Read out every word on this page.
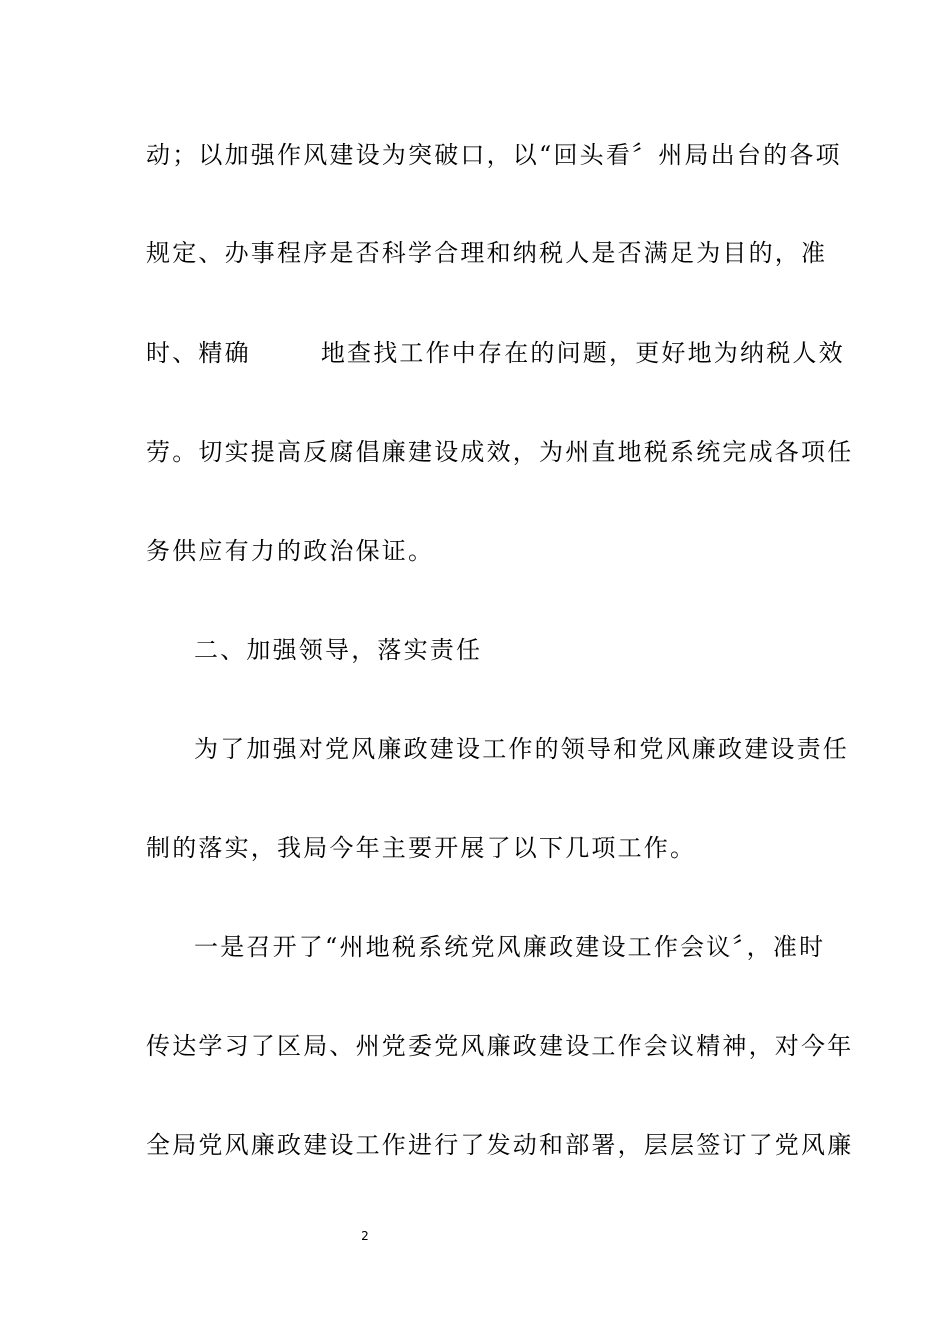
动；以加强作风建设为突破口，以“回头看〞州局出台的各项
规定、办事程序是否科学合理和纳税人是否满足为目的，准
时、精确	地查找工作中存在的问题，更好地为纳税人效
劳。切实提高反腐倡廉建设成效，为州直地税系统完成各项任
务供应有力的政治保证。
二、加强领导，落实责任
为了加强对党风廉政建设工作的领导和党风廉政建设责任
制的落实，我局今年主要开展了以下几项工作。
一是召开了“州地税系统党风廉政建设工作会议〞，准时
传达学习了区局、州党委党风廉政建设工作会议精神，对今年
全局党风廉政建设工作进行了发动和部署，层层签订了党风廉
2
